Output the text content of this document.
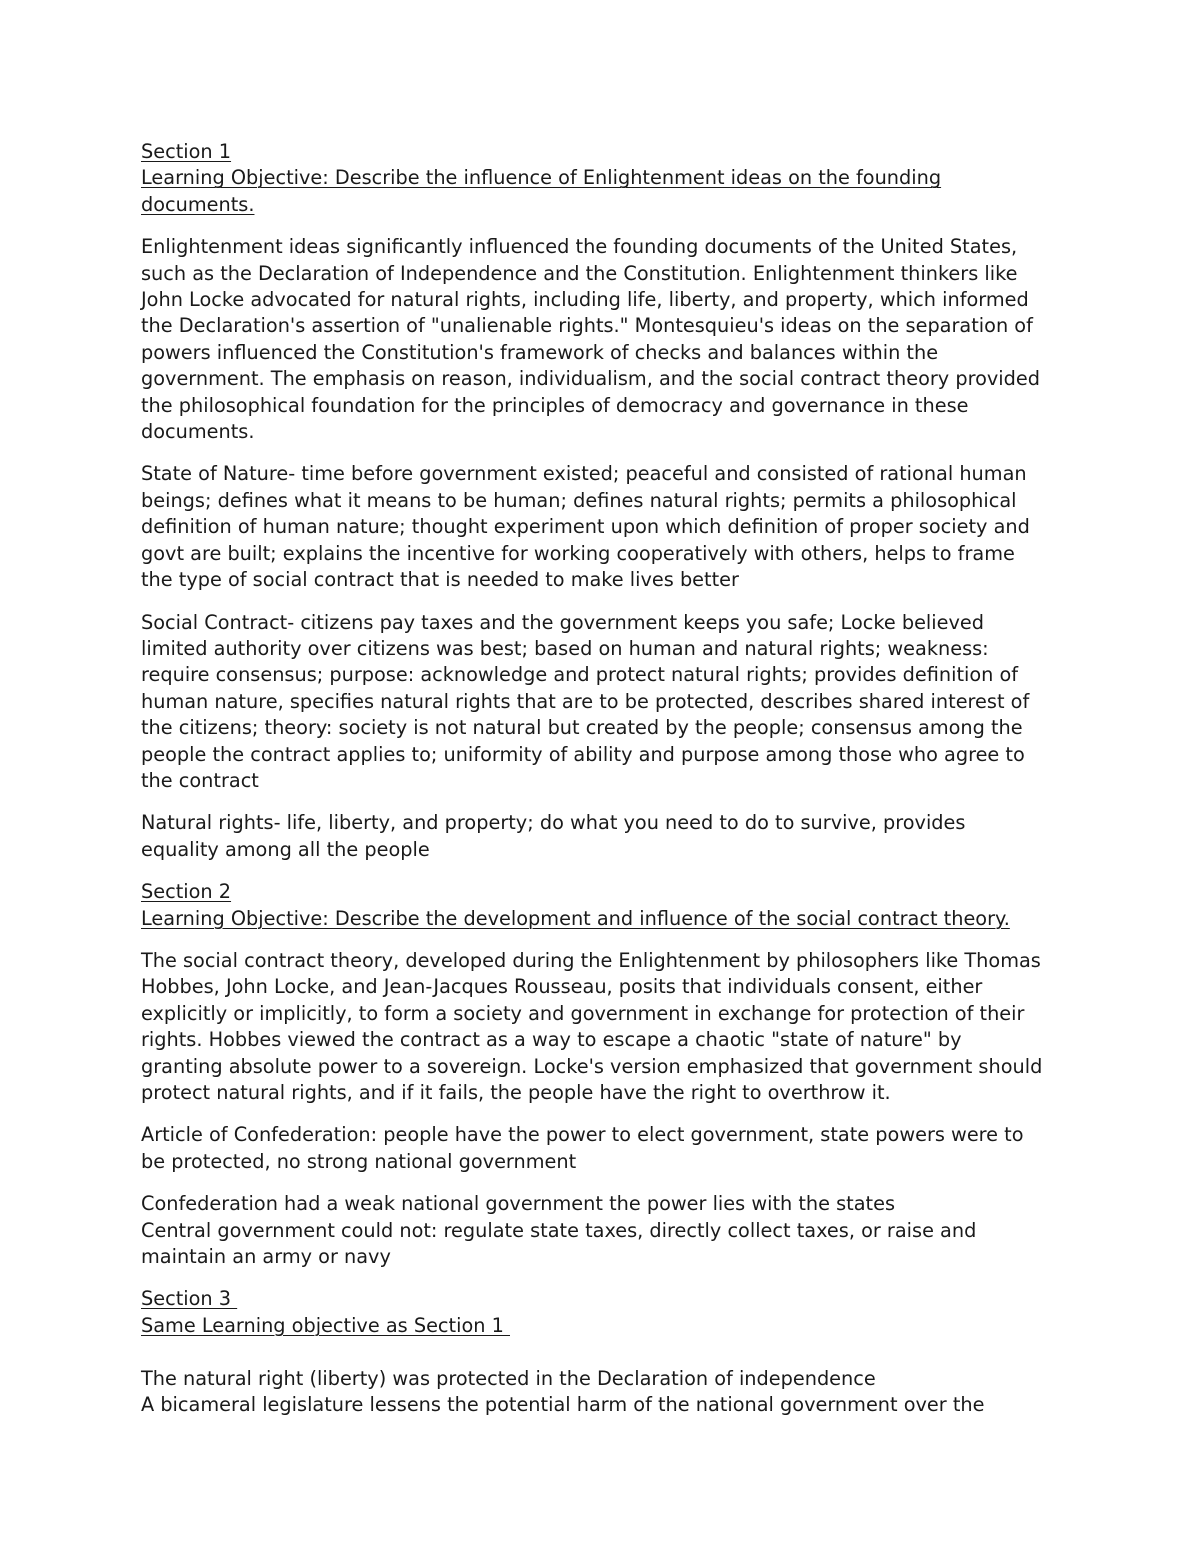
Section 1
Learning Objective: Describe the influence of Enlightenment ideas on the founding
documents.
Enlightenment ideas significantly influenced the founding documents of the United States,
such as the Declaration of Independence and the Constitution. Enlightenment thinkers like
John Locke advocated for natural rights, including life, liberty, and property, which informed
the Declaration's assertion of "unalienable rights." Montesquieu's ideas on the separation of
powers influenced the Constitution's framework of checks and balances within the
government. The emphasis on reason, individualism, and the social contract theory provided
the philosophical foundation for the principles of democracy and governance in these
documents.
State of Nature- time before government existed; peaceful and consisted of rational human
beings; defines what it means to be human; defines natural rights; permits a philosophical
definition of human nature; thought experiment upon which definition of proper society and
govt are built; explains the incentive for working cooperatively with others, helps to frame
the type of social contract that is needed to make lives better
Social Contract- citizens pay taxes and the government keeps you safe; Locke believed
limited authority over citizens was best; based on human and natural rights; weakness:
require consensus; purpose: acknowledge and protect natural rights; provides definition of
human nature, specifies natural rights that are to be protected, describes shared interest of
the citizens; theory: society is not natural but created by the people; consensus among the
people the contract applies to; uniformity of ability and purpose among those who agree to
the contract
Natural rights- life, liberty, and property; do what you need to do to survive, provides
equality among all the people
Section 2
Learning Objective: Describe the development and influence of the social contract theory.
The social contract theory, developed during the Enlightenment by philosophers like Thomas
Hobbes, John Locke, and Jean-Jacques Rousseau, posits that individuals consent, either
explicitly or implicitly, to form a society and government in exchange for protection of their
rights. Hobbes viewed the contract as a way to escape a chaotic "state of nature" by
granting absolute power to a sovereign. Locke's version emphasized that government should
protect natural rights, and if it fails, the people have the right to overthrow it.
Article of Confederation: people have the power to elect government, state powers were to
be protected, no strong national government
Confederation had a weak national government the power lies with the states
Central government could not: regulate state taxes, directly collect taxes, or raise and
maintain an army or navy
Section 3
Same Learning objective as Section 1
The natural right (liberty) was protected in the Declaration of independence
A bicameral legislature lessens the potential harm of the national government over the
